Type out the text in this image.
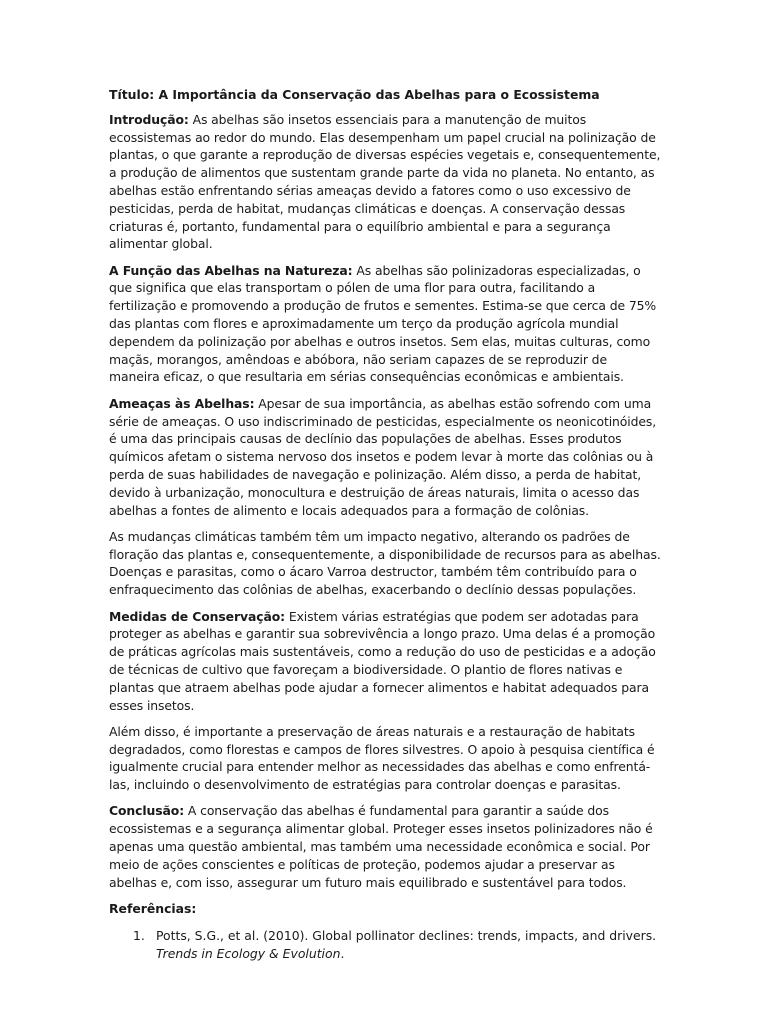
Título: A Importância da Conservação das Abelhas para o Ecossistema

Introdução: As abelhas são insetos essenciais para a manutenção de muitos ecossistemas ao redor do mundo. Elas desempenham um papel crucial na polinização de plantas, o que garante a reprodução de diversas espécies vegetais e, consequentemente, a produção de alimentos que sustentam grande parte da vida no planeta. No entanto, as abelhas estão enfrentando sérias ameaças devido a fatores como o uso excessivo de pesticidas, perda de habitat, mudanças climáticas e doenças. A conservação dessas criaturas é, portanto, fundamental para o equilíbrio ambiental e para a segurança alimentar global.

A Função das Abelhas na Natureza: As abelhas são polinizadoras especializadas, o que significa que elas transportam o pólen de uma flor para outra, facilitando a fertilização e promovendo a produção de frutos e sementes. Estima-se que cerca de 75% das plantas com flores e aproximadamente um terço da produção agrícola mundial dependem da polinização por abelhas e outros insetos. Sem elas, muitas culturas, como maçãs, morangos, amêndoas e abóbora, não seriam capazes de se reproduzir de maneira eficaz, o que resultaria em sérias consequências econômicas e ambientais.

Ameaças às Abelhas: Apesar de sua importância, as abelhas estão sofrendo com uma série de ameaças. O uso indiscriminado de pesticidas, especialmente os neonicotinóides, é uma das principais causas de declínio das populações de abelhas. Esses produtos químicos afetam o sistema nervoso dos insetos e podem levar à morte das colônias ou à perda de suas habilidades de navegação e polinização. Além disso, a perda de habitat, devido à urbanização, monocultura e destruição de áreas naturais, limita o acesso das abelhas a fontes de alimento e locais adequados para a formação de colônias.

As mudanças climáticas também têm um impacto negativo, alterando os padrões de floração das plantas e, consequentemente, a disponibilidade de recursos para as abelhas. Doenças e parasitas, como o ácaro Varroa destructor, também têm contribuído para o enfraquecimento das colônias de abelhas, exacerbando o declínio dessas populações.

Medidas de Conservação: Existem várias estratégias que podem ser adotadas para proteger as abelhas e garantir sua sobrevivência a longo prazo. Uma delas é a promoção de práticas agrícolas mais sustentáveis, como a redução do uso de pesticidas e a adoção de técnicas de cultivo que favoreçam a biodiversidade. O plantio de flores nativas e plantas que atraem abelhas pode ajudar a fornecer alimentos e habitat adequados para esses insetos.

Além disso, é importante a preservação de áreas naturais e a restauração de habitats degradados, como florestas e campos de flores silvestres. O apoio à pesquisa científica é igualmente crucial para entender melhor as necessidades das abelhas e como enfrentá-las, incluindo o desenvolvimento de estratégias para controlar doenças e parasitas.

Conclusão: A conservação das abelhas é fundamental para garantir a saúde dos ecossistemas e a segurança alimentar global. Proteger esses insetos polinizadores não é apenas uma questão ambiental, mas também uma necessidade econômica e social. Por meio de ações conscientes e políticas de proteção, podemos ajudar a preservar as abelhas e, com isso, assegurar um futuro mais equilibrado e sustentável para todos.

Referências:
1. Potts, S.G., et al. (2010). Global pollinator declines: trends, impacts, and drivers. Trends in Ecology & Evolution.
